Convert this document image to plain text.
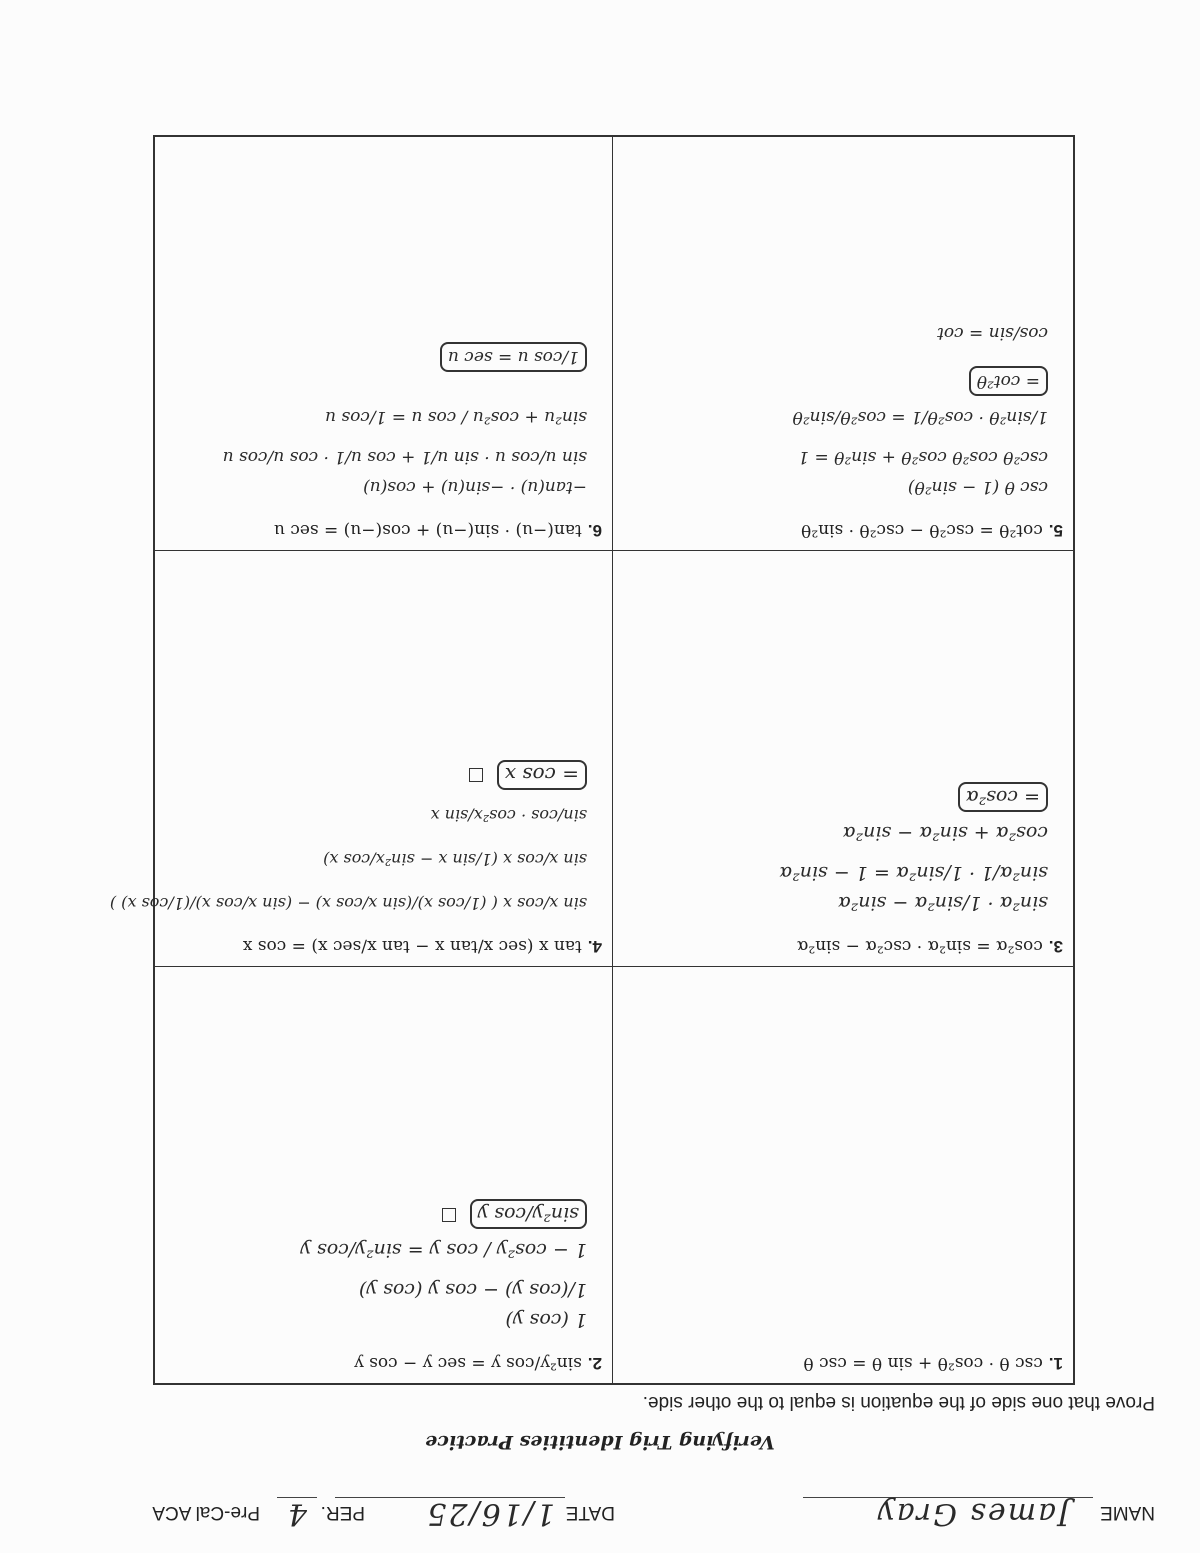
NAME
James Gray
DATE
1/16/25
PER.
4
Pre-Cal ACA
Verifying Trig Identities Practice
Prove that one side of the equation is equal to the other side.
1.csc θ · cos²θ + sin θ = csc θ
2.sin²y/cos y = sec y − cos y
1 (cos y)
1/(cos y) − cos y (cos y)
1 − cos²y / cos y = sin²y/cos y
sin²y/cos y
3.cos²α = sin²α · csc²α − sin²α
sin²α · 1/sin²α − sin²α
sin²α/1 · 1/sin²α = 1 − sin²α
cos²α + sin²α − sin²α
= cos²α
4.tan x (sec x/tan x − tan x/sec x) = cos x
sin x/cos x ( (1/cos x)/(sin x/cos x) − (sin x/cos x)/(1/cos x) )
sin x/cos x (1/sin x − sin²x/cos x)
sin/cos · cos²x/sin x
= cos x
5.cot²θ = csc²θ − csc²θ · sin²θ
csc θ (1 − sin²θ)
csc²θ cos²θ cos²θ + sin²θ = 1
1/sin²θ · cos²θ/1 = cos²θ/sin²θ
= cot²θ
cos/sin = cot
6.tan(−u) · sin(−u) + cos(−u) = sec u
−tan(u) · −sin(u) + cos(u)
sin u/cos u · sin u/1 + cos u/1 · cos u/cos u
sin²u + cos²u / cos u = 1/cos u
1/cos u = sec u
